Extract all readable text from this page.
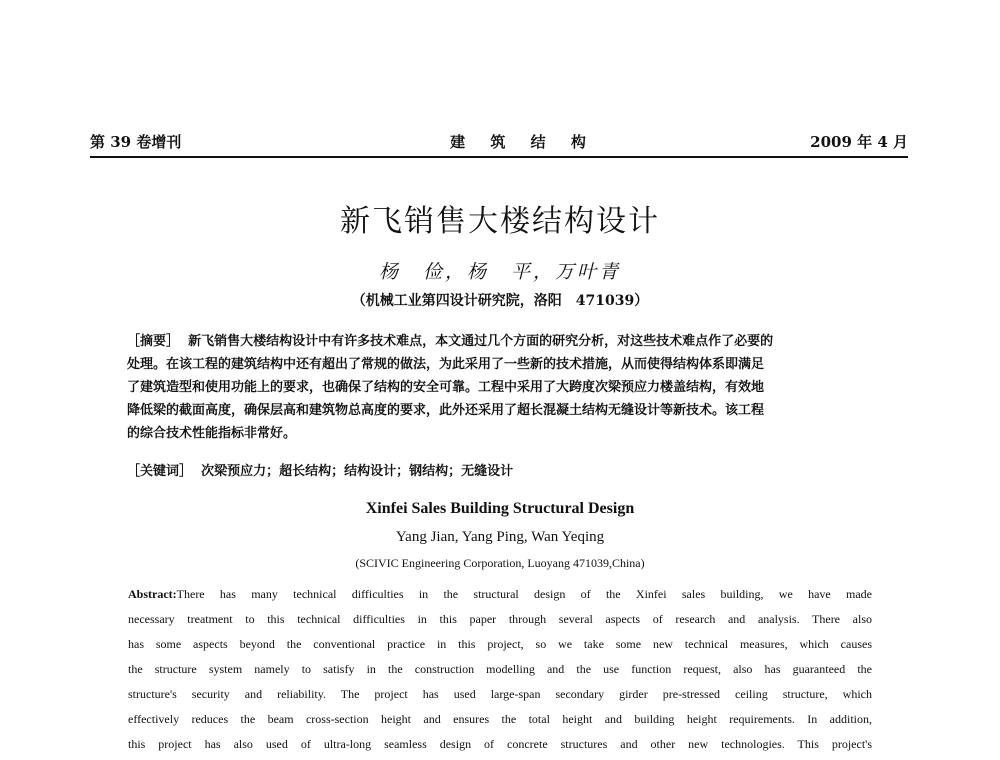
第 39 卷增刊	建 筑 结 构	2009 年 4 月
新飞销售大楼结构设计
杨　俭，杨　平，万叶青
（机械工业第四设计研究院，洛阳　471039）
［摘要］ 新飞销售大楼结构设计中有许多技术难点，本文通过几个方面的研究分析，对这些技术难点作了必要的
处理。在该工程的建筑结构中还有超出了常规的做法，为此采用了一些新的技术措施，从而使得结构体系即满足
了建筑造型和使用功能上的要求，也确保了结构的安全可靠。工程中采用了大跨度次梁预应力楼盖结构，有效地
降低梁的截面高度，确保层高和建筑物总高度的要求，此外还采用了超长混凝土结构无缝设计等新技术。该工程
的综合技术性能指标非常好。
［关键词］ 次梁预应力；超长结构；结构设计；钢结构；无缝设计
Xinfei Sales Building Structural Design
Yang Jian, Yang Ping, Wan Yeqing
(SCIVIC Engineering Corporation, Luoyang 471039,China)
Abstract:There has many technical difficulties in the structural design of the Xinfei sales building, we have made
necessary treatment to this technical difficulties in this paper through several aspects of research and analysis. There also
has some aspects beyond the conventional practice in this project, so we take some new technical measures, which causes
the structure system namely to satisfy in the construction modelling and the use function request, also has guaranteed the
structure's security and reliability. The project has used large-span secondary girder pre-stressed ceiling structure, which
effectively reduces the beam cross-section height and ensures the total height and building height requirements. In addition,
this project has also used of ultra-long seamless design of concrete structures and other new technologies. This project's
